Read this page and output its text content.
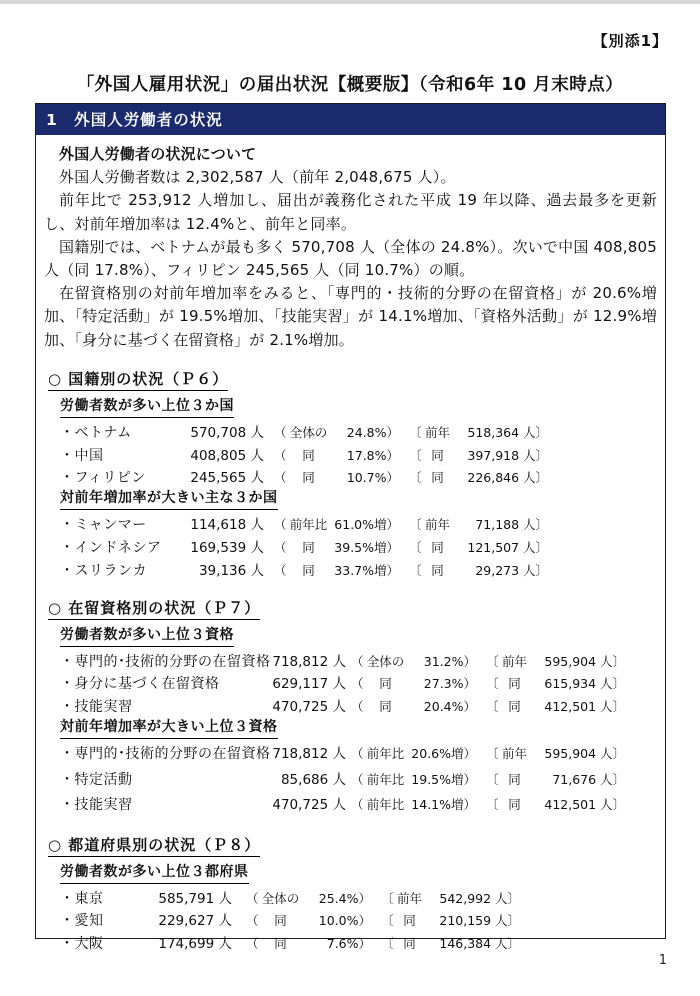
【別添1】
「外国人雇用状況」の届出状況【概要版】（令和6年 10 月末時点）
1　外国人労働者の状況

外国人労働者の状況について

外国人労働者数は 2,302,587 人（前年 2,048,675 人）。

前年比で 253,912 人増加し、届出が義務化された平成 19 年以降、過去最多を更新し、対前年増加率は 12.4%と、前年と同率。

国籍別では、ベトナムが最も多く 570,708 人（全体の 24.8%）。次いで中国 408,805 人（同 17.8%）、フィリピン 245,565 人（同 10.7%）の順。

在留資格別の対前年増加率をみると、「専門的・技術的分野の在留資格」が 20.6%増加、「特定活動」が 19.5%増加、「技能実習」が 14.1%増加、「資格外活動」が 12.9%増加、「身分に基づく在留資格」が 2.1%増加。

○ 国籍別の状況（Ｐ６）
労働者数が多い上位３か国
・ベトナム	570,708 人 （ 全体の 24.8%） 〔 前年 518,364 人〕
・中国	408,805 人 （ 同	17.8%） 〔 同 397,918 人〕
・フィリピン	245,565 人 （ 同	10.7%） 〔 同 226,846 人〕
対前年増加率が大きい主な３か国
・ミャンマー	114,618 人 （ 前年比 61.0%増） 〔 前年 71,188 人〕
・インドネシア	169,539 人 （ 同 39.5%増） 〔 同 121,507 人〕
・スリランカ	39,136 人 （ 同 33.7%増） 〔 同	29,273 人〕
○ 在留資格別の状況（Ｐ７）
労働者数が多い上位３資格
・専門的･技術的分野の在留資格 718,812 人 （ 全体の 31.2%） 〔 前年 595,904 人〕
・身分に基づく在留資格	629,117 人 （ 同	27.3%） 〔 同 615,934 人〕
・技能実習	470,725 人 （ 同	20.4%） 〔 同 412,501 人〕
対前年増加率が大きい上位３資格
・専門的･技術的分野の在留資格 718,812 人 （ 前年比 20.6%増） 〔 前年 595,904 人〕
・特定活動	85,686 人 （ 前年比 19.5%増） 〔 同	71,676 人〕
・技能実習	470,725 人 （ 前年比 14.1%増） 〔 同 412,501 人〕
○ 都道府県別の状況（Ｐ８）
労働者数が多い上位３都府県
・東京	585,791 人 （ 全体の 25.4%） 〔 前年 542,992 人〕
・愛知	229,627 人 （ 同	10.0%） 〔 同 210,159 人〕
・大阪	174,699 人 （ 同	7.6%） 〔 同 146,384 人〕
1
